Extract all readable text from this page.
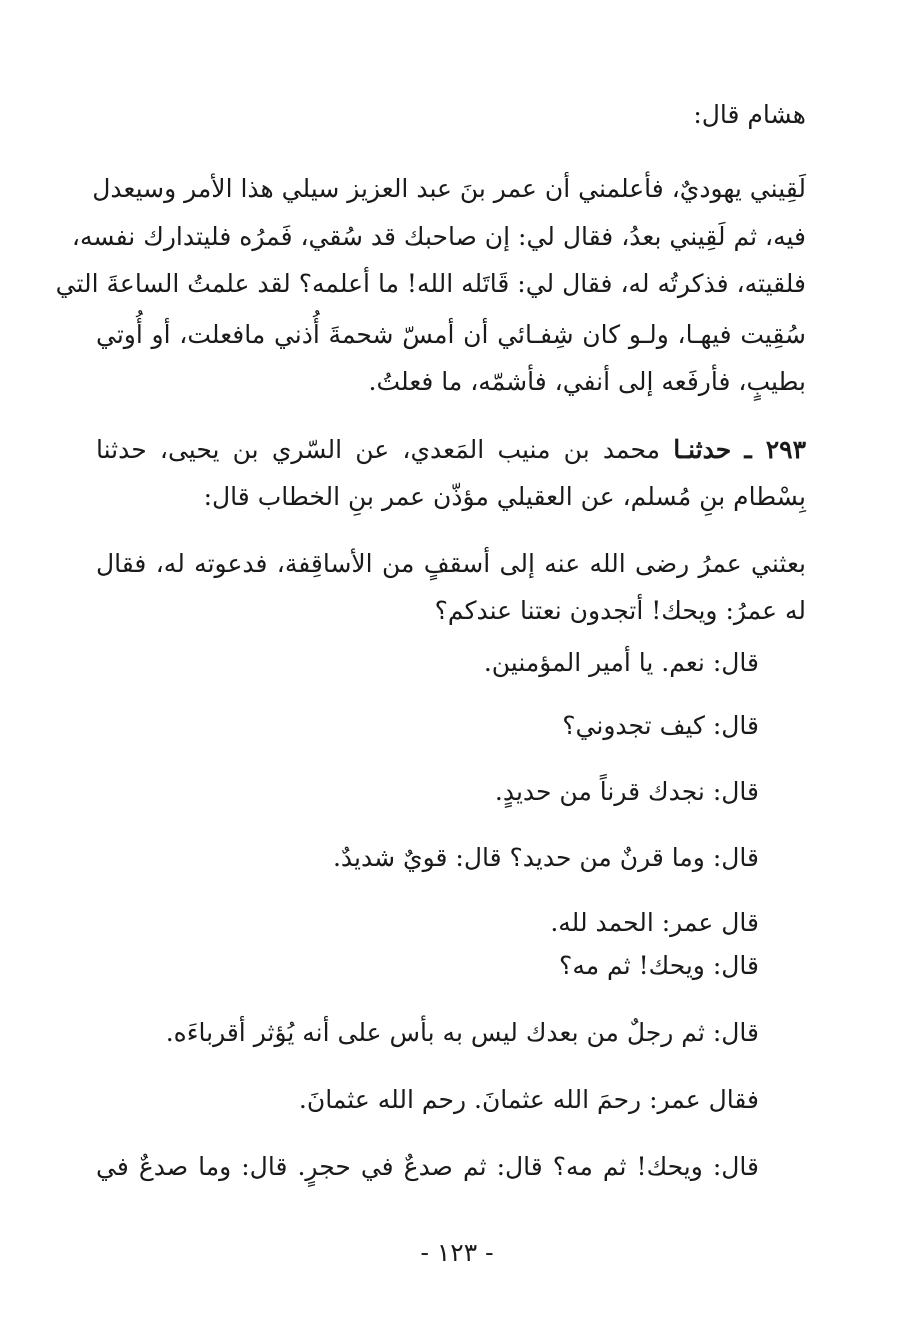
هشام قال:
لَقِيني يهوديٌ، فأعلمني أن عمر بنَ عبد العزيز سيلي هذا الأمر وسيعدل
فيه، ثم لَقِيني بعدُ، فقال لي: إن صاحبك قد سُقي، فَمرُه فليتدارك نفسه،
فلقيته، فذكرتُه له، فقال لي: قَاتَله الله! ما أعلمه؟ لقد علمتُ الساعةَ التي
سُقِيت فيهـا، ولـو كان شِفـائي أن أمسّ شحمةَ أُذني مافعلت، أو أُوتي
بطيبٍ، فأرفَعه إلى أنفي، فأشمّه، ما فعلتُ.
٢٩٣ ـ حدثنـا محمد بن منيب المَعدي، عن السّري بن يحيى، حدثنا
بِسْطام بنِ مُسلم، عن العقيلي مؤذّن عمر بنِ الخطاب قال:
بعثني عمرُ رضى الله عنه إلى أسقفٍ من الأساقِفة، فدعوته له، فقال
له عمرُ: ويحك! أتجدون نعتنا عندكم؟
قال: نعم. يا أمير المؤمنين.
قال: كيف تجدوني؟
قال: نجدك قرناً من حديدٍ.
قال: وما قرنٌ من حديد؟ قال: قويٌ شديدٌ.
قال عمر: الحمد لله.
قال: ويحك! ثم مه؟
قال: ثم رجلٌ من بعدك ليس به بأس على أنه يُؤثر أقرباءَه.
فقال عمر: رحمَ الله عثمانَ. رحم الله عثمانَ.
قال: ويحك! ثم مه؟ قال: ثم صدعٌ في حجرٍ. قال: وما صدعٌ في
- ١٢٣ -
